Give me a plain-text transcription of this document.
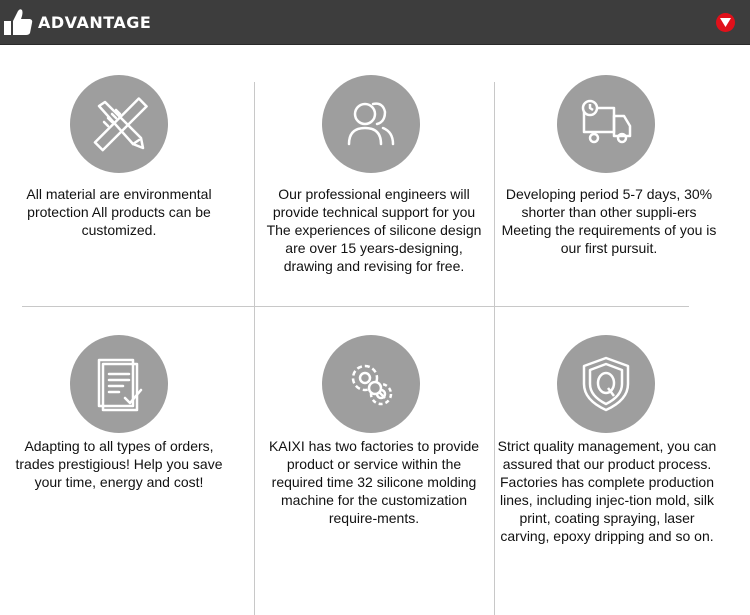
ADVANTAGE
All material are environmental protection All products can be customized.
Our professional engineers will provide technical support for you The experiences of silicone design are over 15 years-designing, drawing and revising for free.
Developing period 5-7 days, 30% shorter than other suppli-ers Meeting the requirements of you is our first pursuit.
Adapting to all types of orders, trades prestigious! Help you save your time, energy and cost!
KAIXI has two factories to provide product or service within the required time 32 silicone molding machine for the customization require-ments.
Strict quality management, you can assured that our product process. Factories has complete production lines, including injec-tion mold, silk print, coating spraying, laser carving, epoxy dripping and so on.
